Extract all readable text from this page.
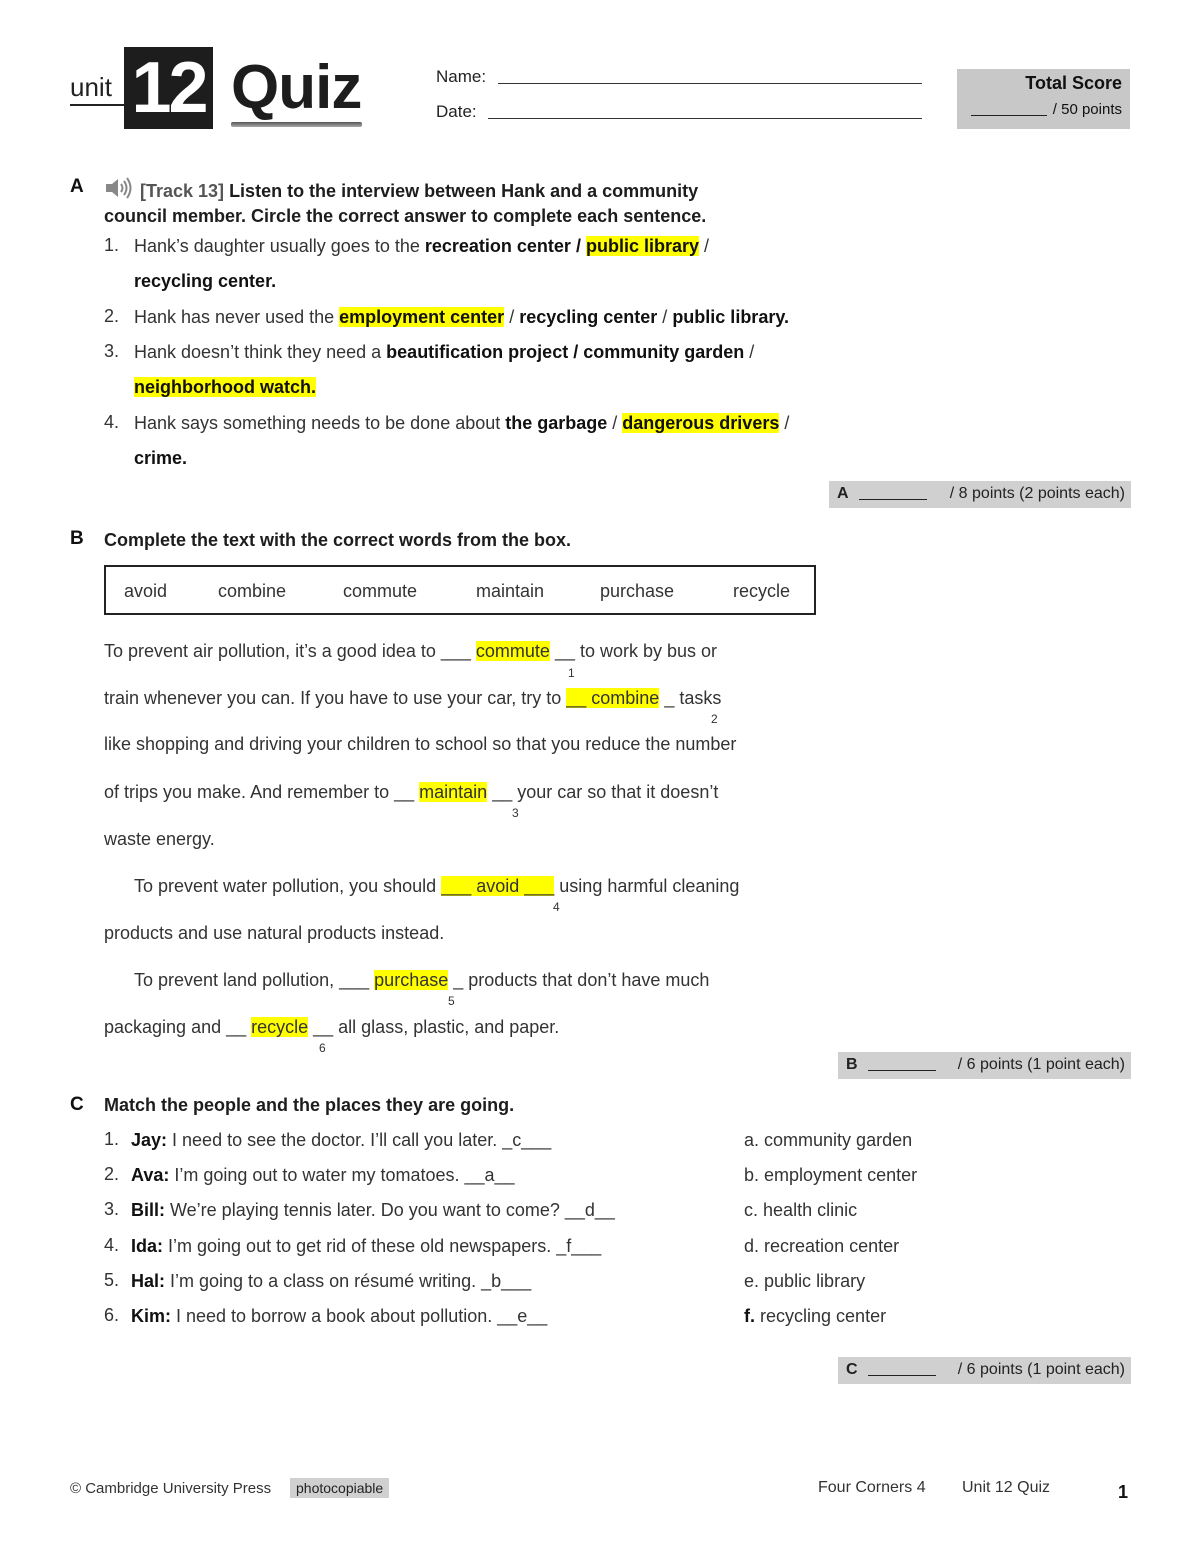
unit 12 Quiz	Name:
Date:
Total Score
/ 50 points
A	[Track 13] Listen to the interview between Hank and a community
council member. Circle the correct answer to complete each sentence.
1. Hank’s daughter usually goes to the recreation center / public library /
recycling center.
2. Hank has never used the employment center / recycling center / public library.
3. Hank doesn’t think they need a beautification project / community garden /
neighborhood watch.
4. Hank says something needs to be done about the garbage / dangerous drivers /
crime.
A	/ 8 points (2 points each)
B Complete the text with the correct words from the box.
avoid	combine	commute	maintain	purchase	recycle
To prevent air pollution, it’s a good idea to ___ commute __ to work by bus or
1
train whenever you can. If you have to use your car, try to __ combine _ tasks
2
like shopping and driving your children to school so that you reduce the number
of trips you make. And remember to __ maintain __ your car so that it doesn’t
3
waste energy.
To prevent water pollution, you should ___ avoid ___ using harmful cleaning
4
products and use natural products instead.
To prevent land pollution, ___ purchase _ products that don’t have much
5
packaging and __ recycle __ all glass, plastic, and paper.
6
B	/ 6 points (1 point each)
C Match the people and the places they are going.
1. Jay: I need to see the doctor. I’ll call you later. _c___
2. Ava: I’m going out to water my tomatoes. __a__
3. Bill: We’re playing tennis later. Do you want to come? __d__
4. Ida: I’m going out to get rid of these old newspapers. _f___
5. Hal: I’m going to a class on résumé writing. _b___
6. Kim: I need to borrow a book about pollution. __e__
a. community garden
b. employment center
c. health clinic
d. recreation center
e. public library
f. recycling center
C	/ 6 points (1 point each)
© Cambridge University Press	photocopiable	Four Corners 4 Unit 12 Quiz	1
